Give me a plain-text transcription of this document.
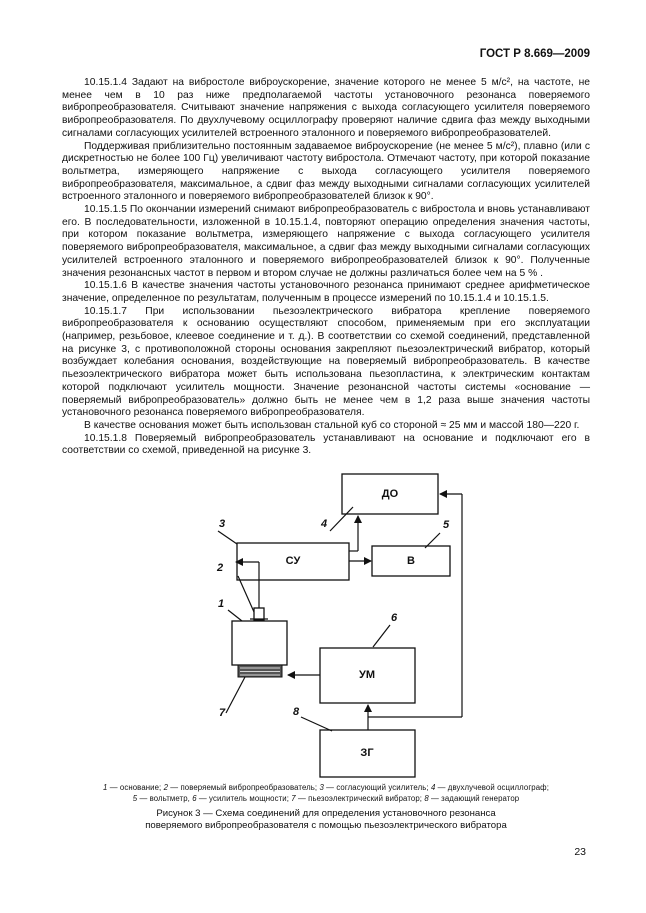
ГОСТ Р 8.669—2009

10.15.1.4 Задают на вибростоле виброускорение, значение которого не менее 5 м/с², на частоте, не менее чем в 10 раз ниже предполагаемой частоты установочного резонанса поверяемого вибропреобразователя. Считывают значение напряжения с выхода согласующего усилителя поверяемого вибропреобразователя. По двухлучевому осциллографу проверяют наличие сдвига фаз между выходными сигналами согласующих усилителей встроенного эталонного и поверяемого вибропреобразователей.

Поддерживая приблизительно постоянным задаваемое виброускорение (не менее 5 м/с²), плавно (или с дискретностью не более 100 Гц) увеличивают частоту вибростола. Отмечают частоту, при которой показание вольтметра, измеряющего напряжение с выхода согласующего усилителя поверяемого вибропреобразователя, максимальное, а сдвиг фаз между выходными сигналами согласующих усилителей встроенного эталонного и поверяемого вибропреобразователей близок к 90°.

10.15.1.5 По окончании измерений снимают вибропреобразователь с вибростола и вновь устанавливают его. В последовательности, изложенной в 10.15.1.4, повторяют операцию определения значения частоты, при котором показание вольтметра, измеряющего напряжение с выхода согласующего усилителя поверяемого вибропреобразователя, максимальное, а сдвиг фаз между выходными сигналами согласующих усилителей встроенного эталонного и поверяемого вибропреобразователей близок к 90°. Полученные значения резонансных частот в первом и втором случае не должны различаться более чем на 5 % .

10.15.1.6 В качестве значения частоты установочного резонанса принимают среднее арифметическое значение, определенное по результатам, полученным в процессе измерений по 10.15.1.4 и 10.15.1.5.

10.15.1.7 При использовании пьезоэлектрического вибратора крепление поверяемого вибропреобразователя к основанию осуществляют способом, применяемым при его эксплуатации (например, резьбовое, клеевое соединение и т. д.). В соответствии со схемой соединений, представленной на рисунке 3, с противоположной стороны основания закрепляют пьезоэлектрический вибратор, который возбуждает колебания основания, воздействующие на поверяемый вибропреобразователь. В качестве пьезоэлектрического вибратора может быть использована пьезопластина, к электрическим контактам которой подключают усилитель мощности. Значение резонансной частоты системы «основание — поверяемый вибропреобразователь» должно быть не менее чем в 1,2 раза выше значения частоты установочного резонанса поверяемого вибропреобразователя.

В качестве основания может быть использован стальной куб со стороной ≈ 25 мм и массой 180—220 г.

10.15.1.8 Поверяемый вибропреобразователь устанавливают на основание и подключают его в соответствии со схемой, приведенной на рисунке 3.

ДО
СУ	В
УМ
ЗГ
1
2
3	4	5
6
7	8
1 — основание; 2 — поверяемый вибропреобразователь; 3 — согласующий усилитель; 4 — двухлучевой осциллограф;
5 — вольтметр, 6 — усилитель мощности; 7 — пьезоэлектрический вибратор; 8 — задающий генератор
Рисунок 3 — Схема соединений для определения установочного резонанса
поверяемого вибропреобразователя с помощью пьезоэлектрического вибратора
23
